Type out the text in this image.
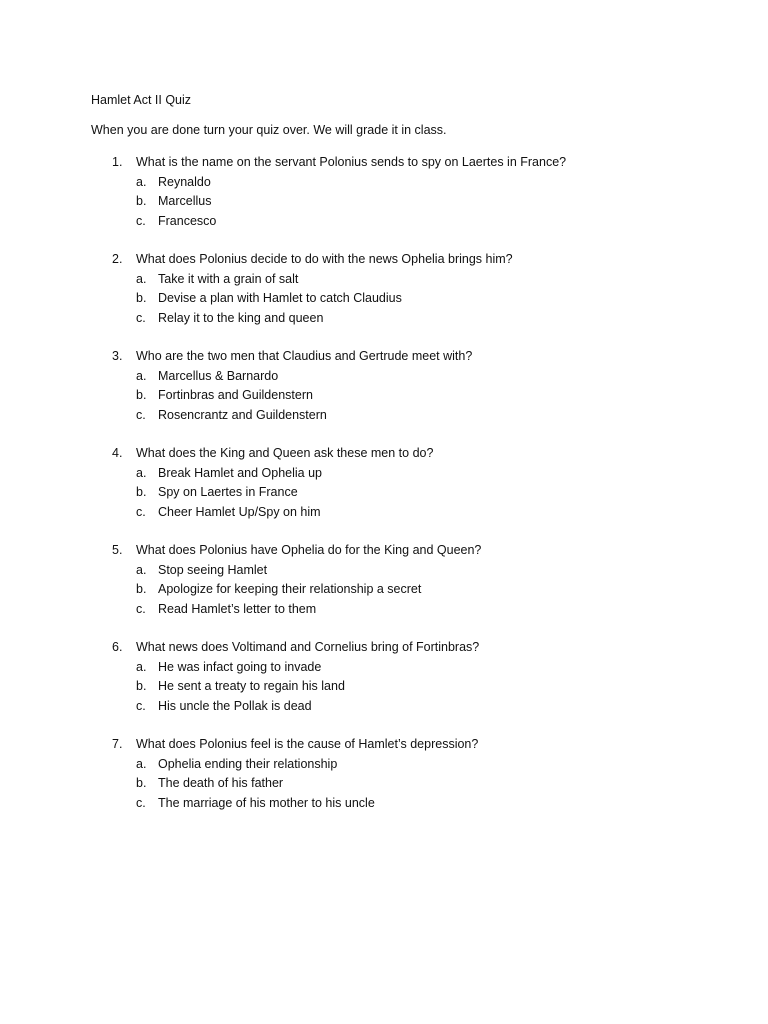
Hamlet Act II Quiz
When you are done turn your quiz over. We will grade it in class.
1. What is the name on the servant Polonius sends to spy on Laertes in France?
a. Reynaldo
b. Marcellus
c. Francesco
2. What does Polonius decide to do with the news Ophelia brings him?
a. Take it with a grain of salt
b. Devise a plan with Hamlet to catch Claudius
c. Relay it to the king and queen
3. Who are the two men that Claudius and Gertrude meet with?
a. Marcellus & Barnardo
b. Fortinbras and Guildenstern
c. Rosencrantz and Guildenstern
4. What does the King and Queen ask these men to do?
a. Break Hamlet and Ophelia up
b. Spy on Laertes in France
c. Cheer Hamlet Up/Spy on him
5. What does Polonius have Ophelia do for the King and Queen?
a. Stop seeing Hamlet
b. Apologize for keeping their relationship a secret
c. Read Hamlet’s letter to them
6. What news does Voltimand and Cornelius bring of Fortinbras?
a. He was infact going to invade
b. He sent a treaty to regain his land
c. His uncle the Pollak is dead
7. What does Polonius feel is the cause of Hamlet’s depression?
a. Ophelia ending their relationship
b. The death of his father
c. The marriage of his mother to his uncle
